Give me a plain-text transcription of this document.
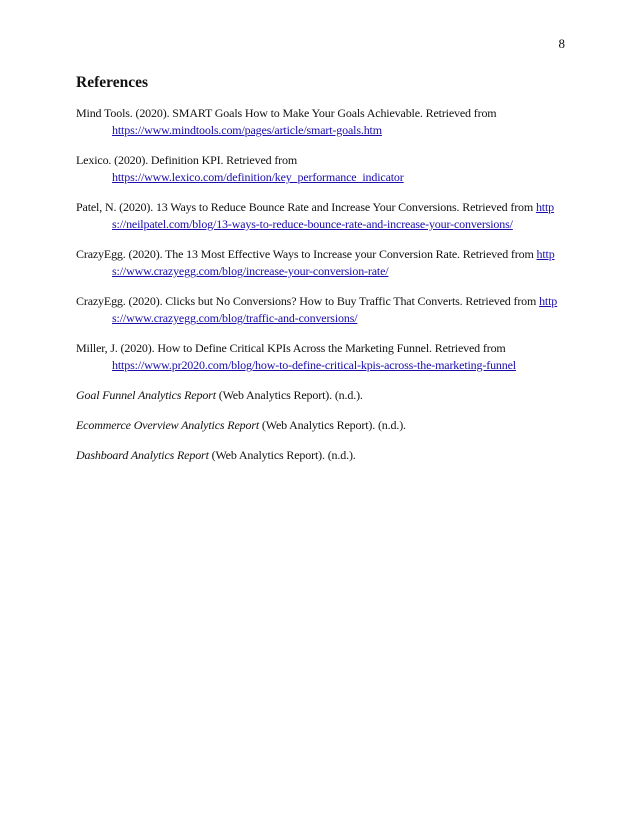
8
References

Mind Tools. (2020). SMART Goals How to Make Your Goals Achievable. Retrieved from
https://www.mindtools.com/pages/article/smart-goals.htm

Lexico. (2020). Definition KPI. Retrieved from
https://www.lexico.com/definition/key_performance_indicator

Patel, N. (2020). 13 Ways to Reduce Bounce Rate and Increase Your Conversions. Retrieved from https://neilpatel.com/blog/13-ways-to-reduce-bounce-rate-and-increase-your-conversions/

CrazyEgg. (2020). The 13 Most Effective Ways to Increase your Conversion Rate. Retrieved from https://www.crazyegg.com/blog/increase-your-conversion-rate/

CrazyEgg. (2020). Clicks but No Conversions? How to Buy Traffic That Converts. Retrieved from https://www.crazyegg.com/blog/traffic-and-conversions/

Miller, J. (2020). How to Define Critical KPIs Across the Marketing Funnel. Retrieved from
https://www.pr2020.com/blog/how-to-define-critical-kpis-across-the-marketing-funnel

Goal Funnel Analytics Report (Web Analytics Report). (n.d.).

Ecommerce Overview Analytics Report (Web Analytics Report). (n.d.).

Dashboard Analytics Report (Web Analytics Report). (n.d.).
